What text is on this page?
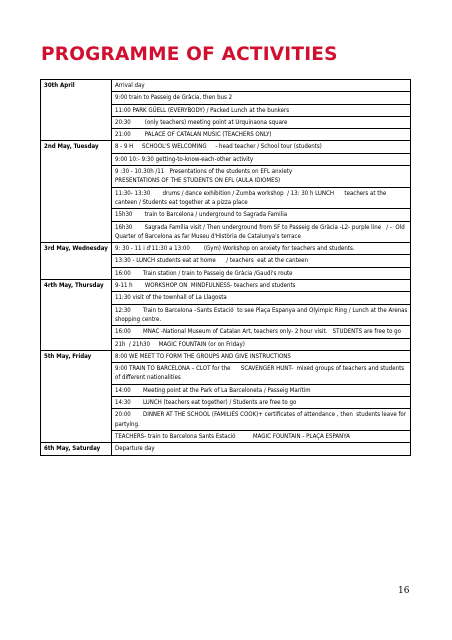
PROGRAMME OF ACTIVITIES
30th April	Arrival day
	9:00 train to Passeig de Gràcia, then bus 2
	11:00 PARK GÜELL (EVERYBODY) / Packed Lunch at the bunkers
	20:30        (only teachers) meeting point at Urquinaona square
	21:00        PALACE OF CATALAN MUSIC (TEACHERS ONLY)
2nd May, Tuesday	8 - 9 H     SCHOOL'S WELCOMING     - head teacher / School tour (students)
	9:00 10:- 9:30 getting-to-know-each-other activity
	9 :30 - 10.30h /11   Presentations of the students on EFL anxiety
PRESENTATIONS OF THE STUDENTS ON EFL (AULA IDIOMES)
	11:30- 13:30       drums / dance exhibition / Zumba workshop  / 13: 30 h LUNCH      teachers at the canteen / Students eat together at a pizza place
	15h30       train to Barcelona / underground to Sagrada Familia
	16h30       Sagrada Família visit / Then underground from SF to Passeig de Gràcia -L2- purple line   / -  Old Quarter of Barcelona as far Museu d'Història de Catalunya's terrace
3rd May, Wednesday	9: 30 - 11 i d'11:30 a 13:00        (Gym) Workshop on anxiety for teachers and students.
	13:30 - LUNCH students eat at home      / teachers  eat at the canteen
	16:00       Train station / train to Passeig de Gràcia /Gaudi's route
4rth May, Thursday	9-11 h       WORKSHOP ON  MINDFULNESS- teachers and students
	11:30 visit of the townhall of La Llagosta
	12:30       Train to Barcelona –Sants Estació  to see Plaça Espanya and Olyimpic Ring / Lunch at the Arenas shopping centre.
	16:00       MNAC -National Museum of Catalan Art, teachers only- 2 hour visit.   STUDENTS are free to go
	21h  / 21h30     MAGIC FOUNTAIN (or on Friday)
5th May, Friday	8:00 WE MEET TO FORM THE GROUPS AND GIVE INSTRUCTIONS
	9:00 TRAIN TO BARCELONA – CLOT for the      SCAVENGER HUNT-  mixed groups of teachers and students of different nationalities
	14:00       Meeting point at the Park of La Barceloneta / Passeig Marítim
	14:30       LUNCH (teachers eat together) / Students are free to go
	20:00       DINNER AT THE SCHOOL (FAMILIES COOK)+ certificates of attendance , then  students leave for partying.
	TEACHERS- train to Barcelona Sants Estació          MAGIC FOUNTAIN - PLAÇA ESPANYA
6th May, Saturday	Departure day
16
